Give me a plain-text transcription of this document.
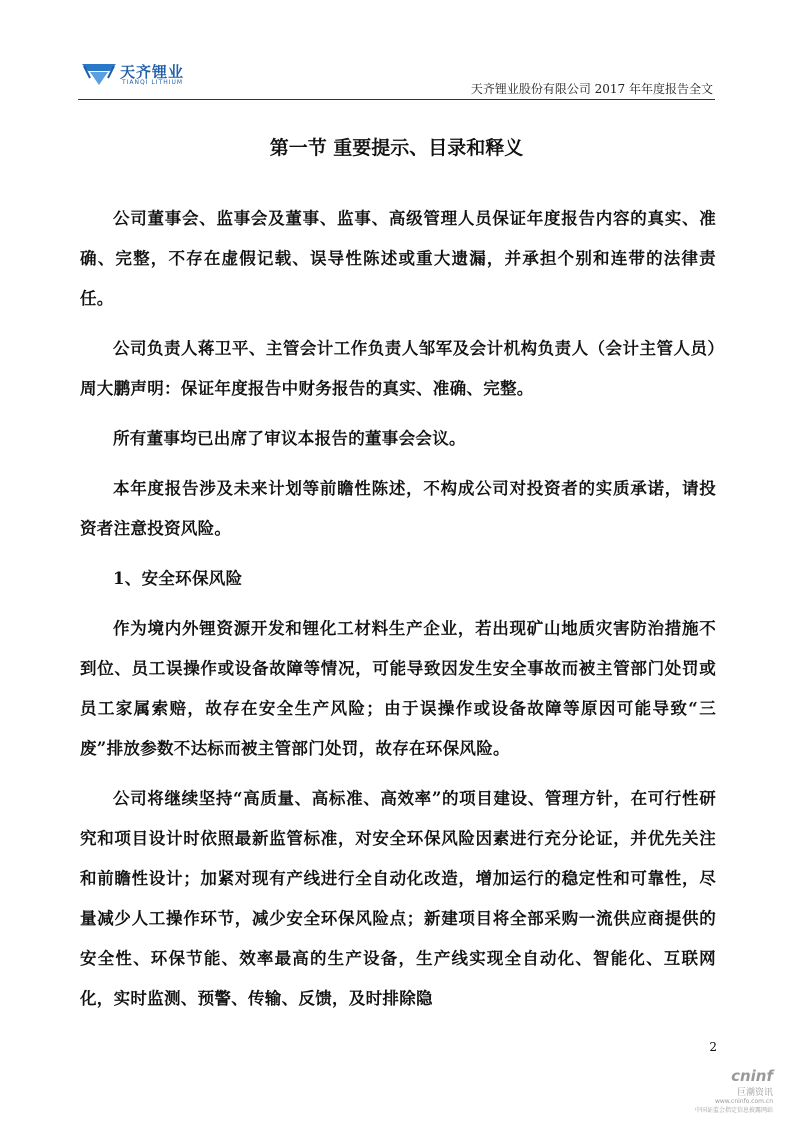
天齐锂业
TIANQI LITHIUM	天齐锂业股份有限公司 2017 年年度报告全文
第一节 重要提示、目录和释义

公司董事会、监事会及董事、监事、高级管理人员保证年度报告内容的真实、准确、完整，不存在虚假记载、误导性陈述或重大遗漏，并承担个别和连带的法律责任。

公司负责人蒋卫平、主管会计工作负责人邹军及会计机构负责人（会计主管人员）周大鹏声明：保证年度报告中财务报告的真实、准确、完整。

所有董事均已出席了审议本报告的董事会会议。

本年度报告涉及未来计划等前瞻性陈述，不构成公司对投资者的实质承诺，请投资者注意投资风险。

1、安全环保风险

作为境内外锂资源开发和锂化工材料生产企业，若出现矿山地质灾害防治措施不到位、员工误操作或设备故障等情况，可能导致因发生安全事故而被主管部门处罚或员工家属索赔，故存在安全生产风险；由于误操作或设备故障等原因可能导致“三废”排放参数不达标而被主管部门处罚，故存在环保风险。

公司将继续坚持“高质量、高标准、高效率”的项目建设、管理方针，在可行性研究和项目设计时依照最新监管标准，对安全环保风险因素进行充分论证，并优先关注和前瞻性设计；加紧对现有产线进行全自动化改造，增加运行的稳定性和可靠性，尽量减少人工操作环节，减少安全环保风险点；新建项目将全部采购一流供应商提供的安全性、环保节能、效率最高的生产设备，生产线实现全自动化、智能化、互联网化，实时监测、预警、传输、反馈，及时排除隐

2
cninf
巨潮资讯
www.cninfo.com.cn
中国证监会指定信息披露网站
